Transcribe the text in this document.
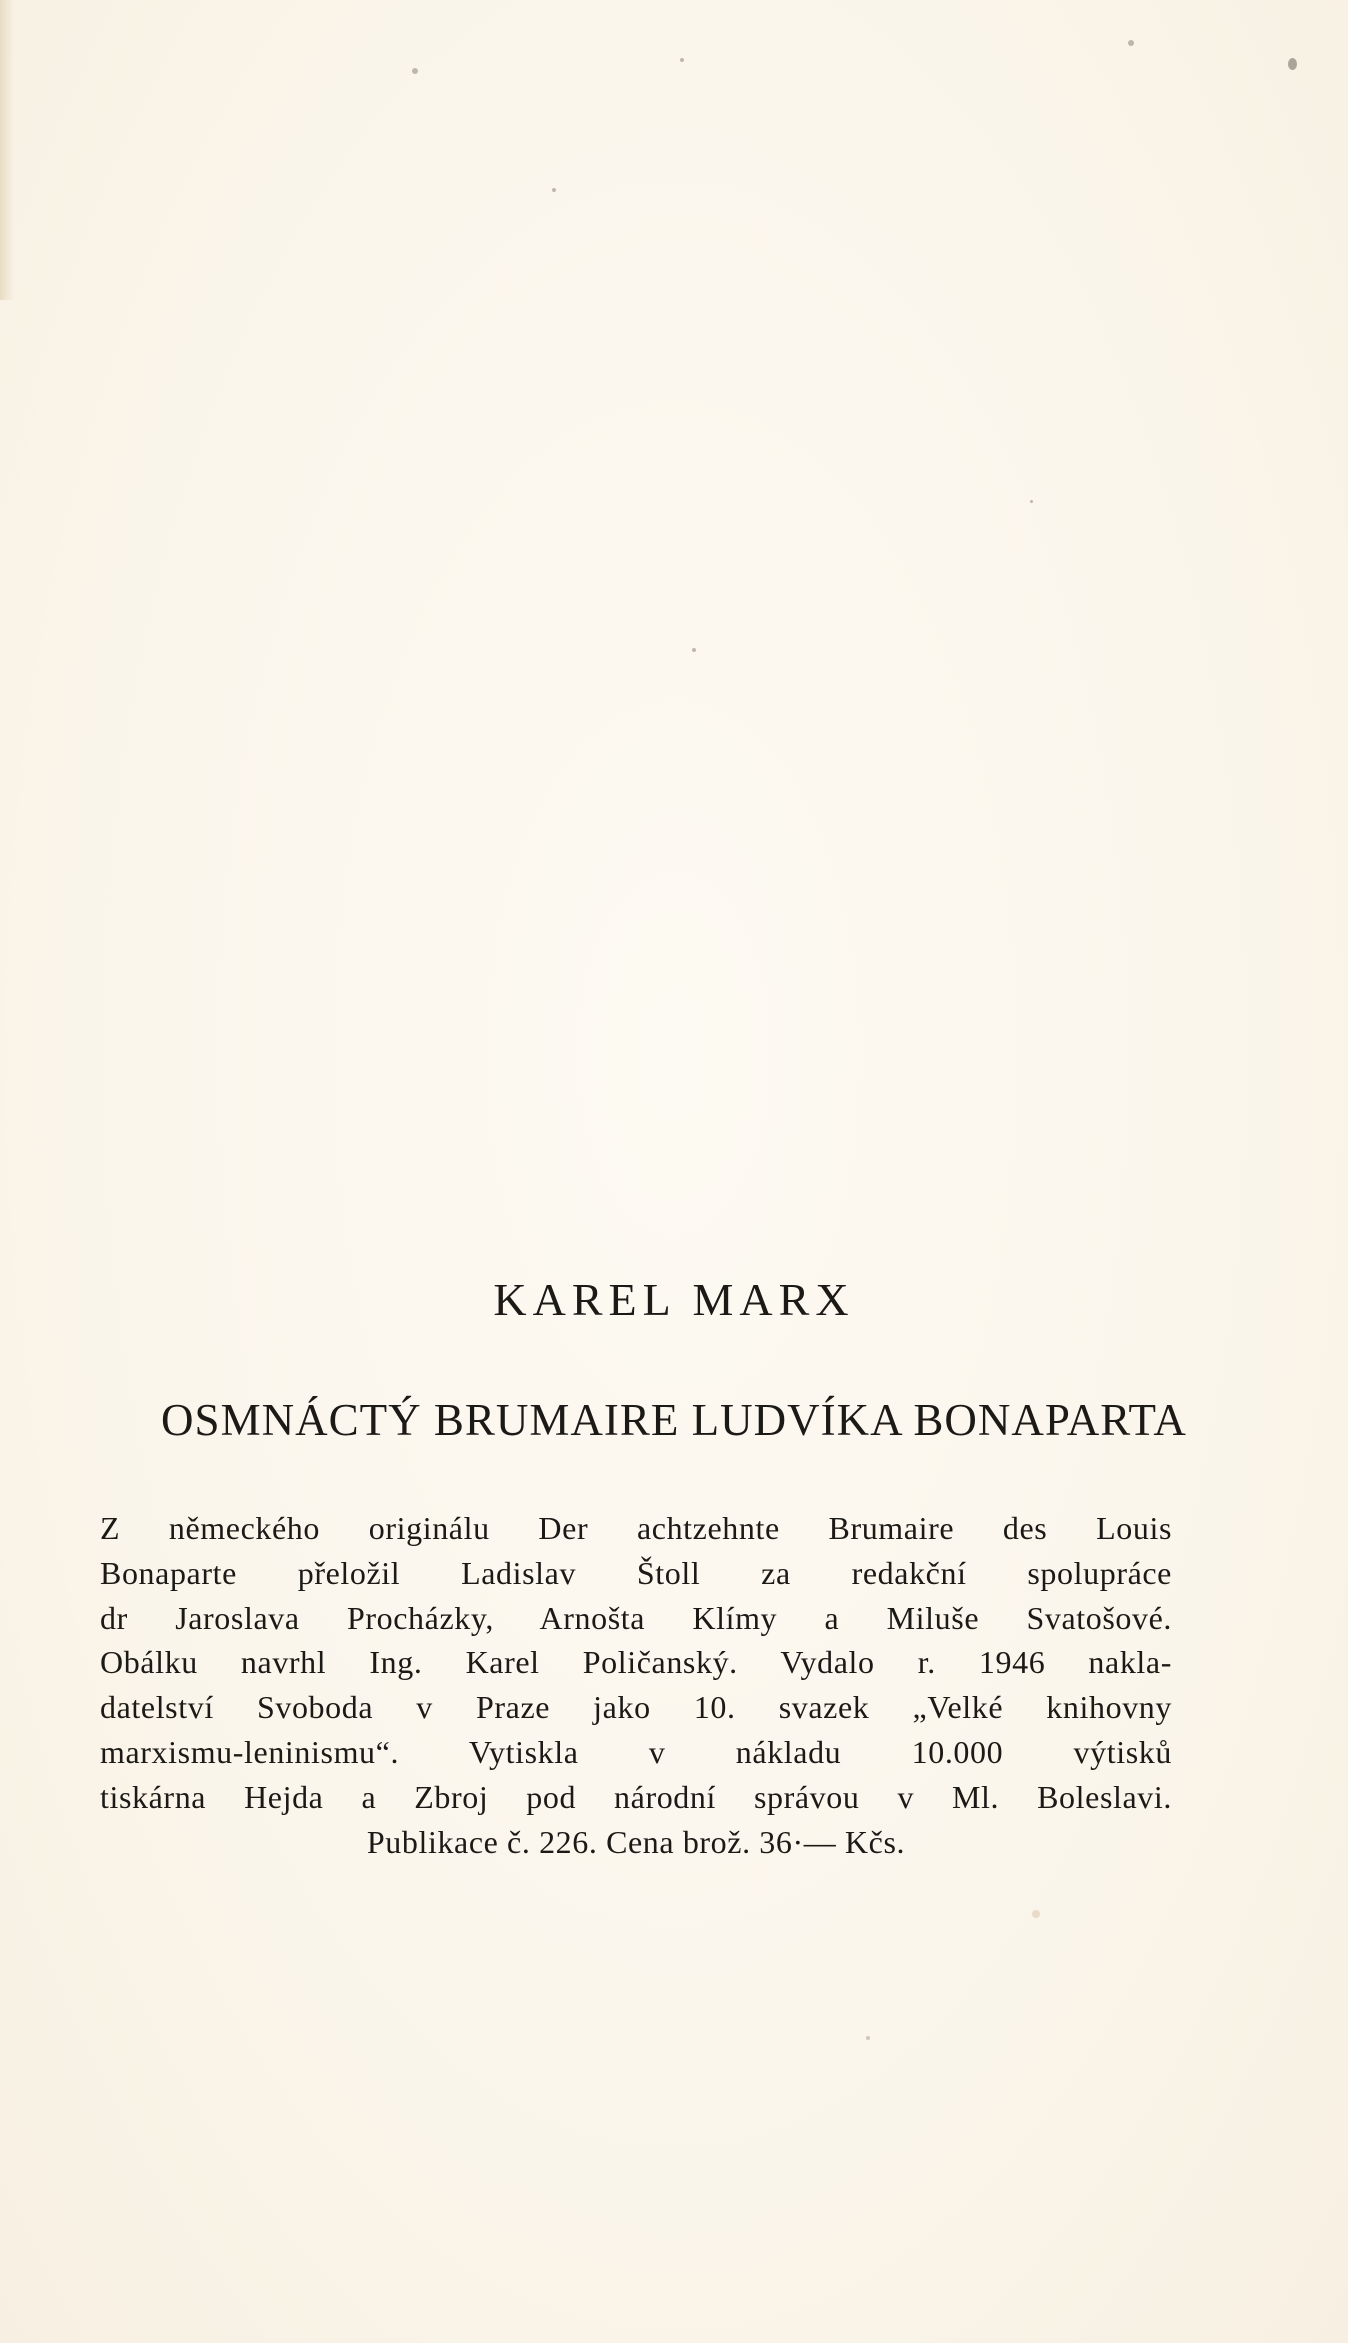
KAREL MARX
OSMNÁCTÝ BRUMAIRE LUDVÍKA BONAPARTA
Z německého originálu Der achtzehnte Brumaire des Louis
Bonaparte přeložil Ladislav Štoll za redakční spolupráce
dr Jaroslava Procházky, Arnošta Klímy a Miluše Svatošové.
Obálku navrhl Ing. Karel Poličanský. Vydalo r. 1946 nakla-
datelství Svoboda v Praze jako 10. svazek „Velké knihovny
marxismu-leninismu“. Vytiskla v nákladu 10.000 výtisků
tiskárna Hejda a Zbroj pod národní správou v Ml. Boleslavi.
Publikace č. 226. Cena brož. 36·— Kčs.
